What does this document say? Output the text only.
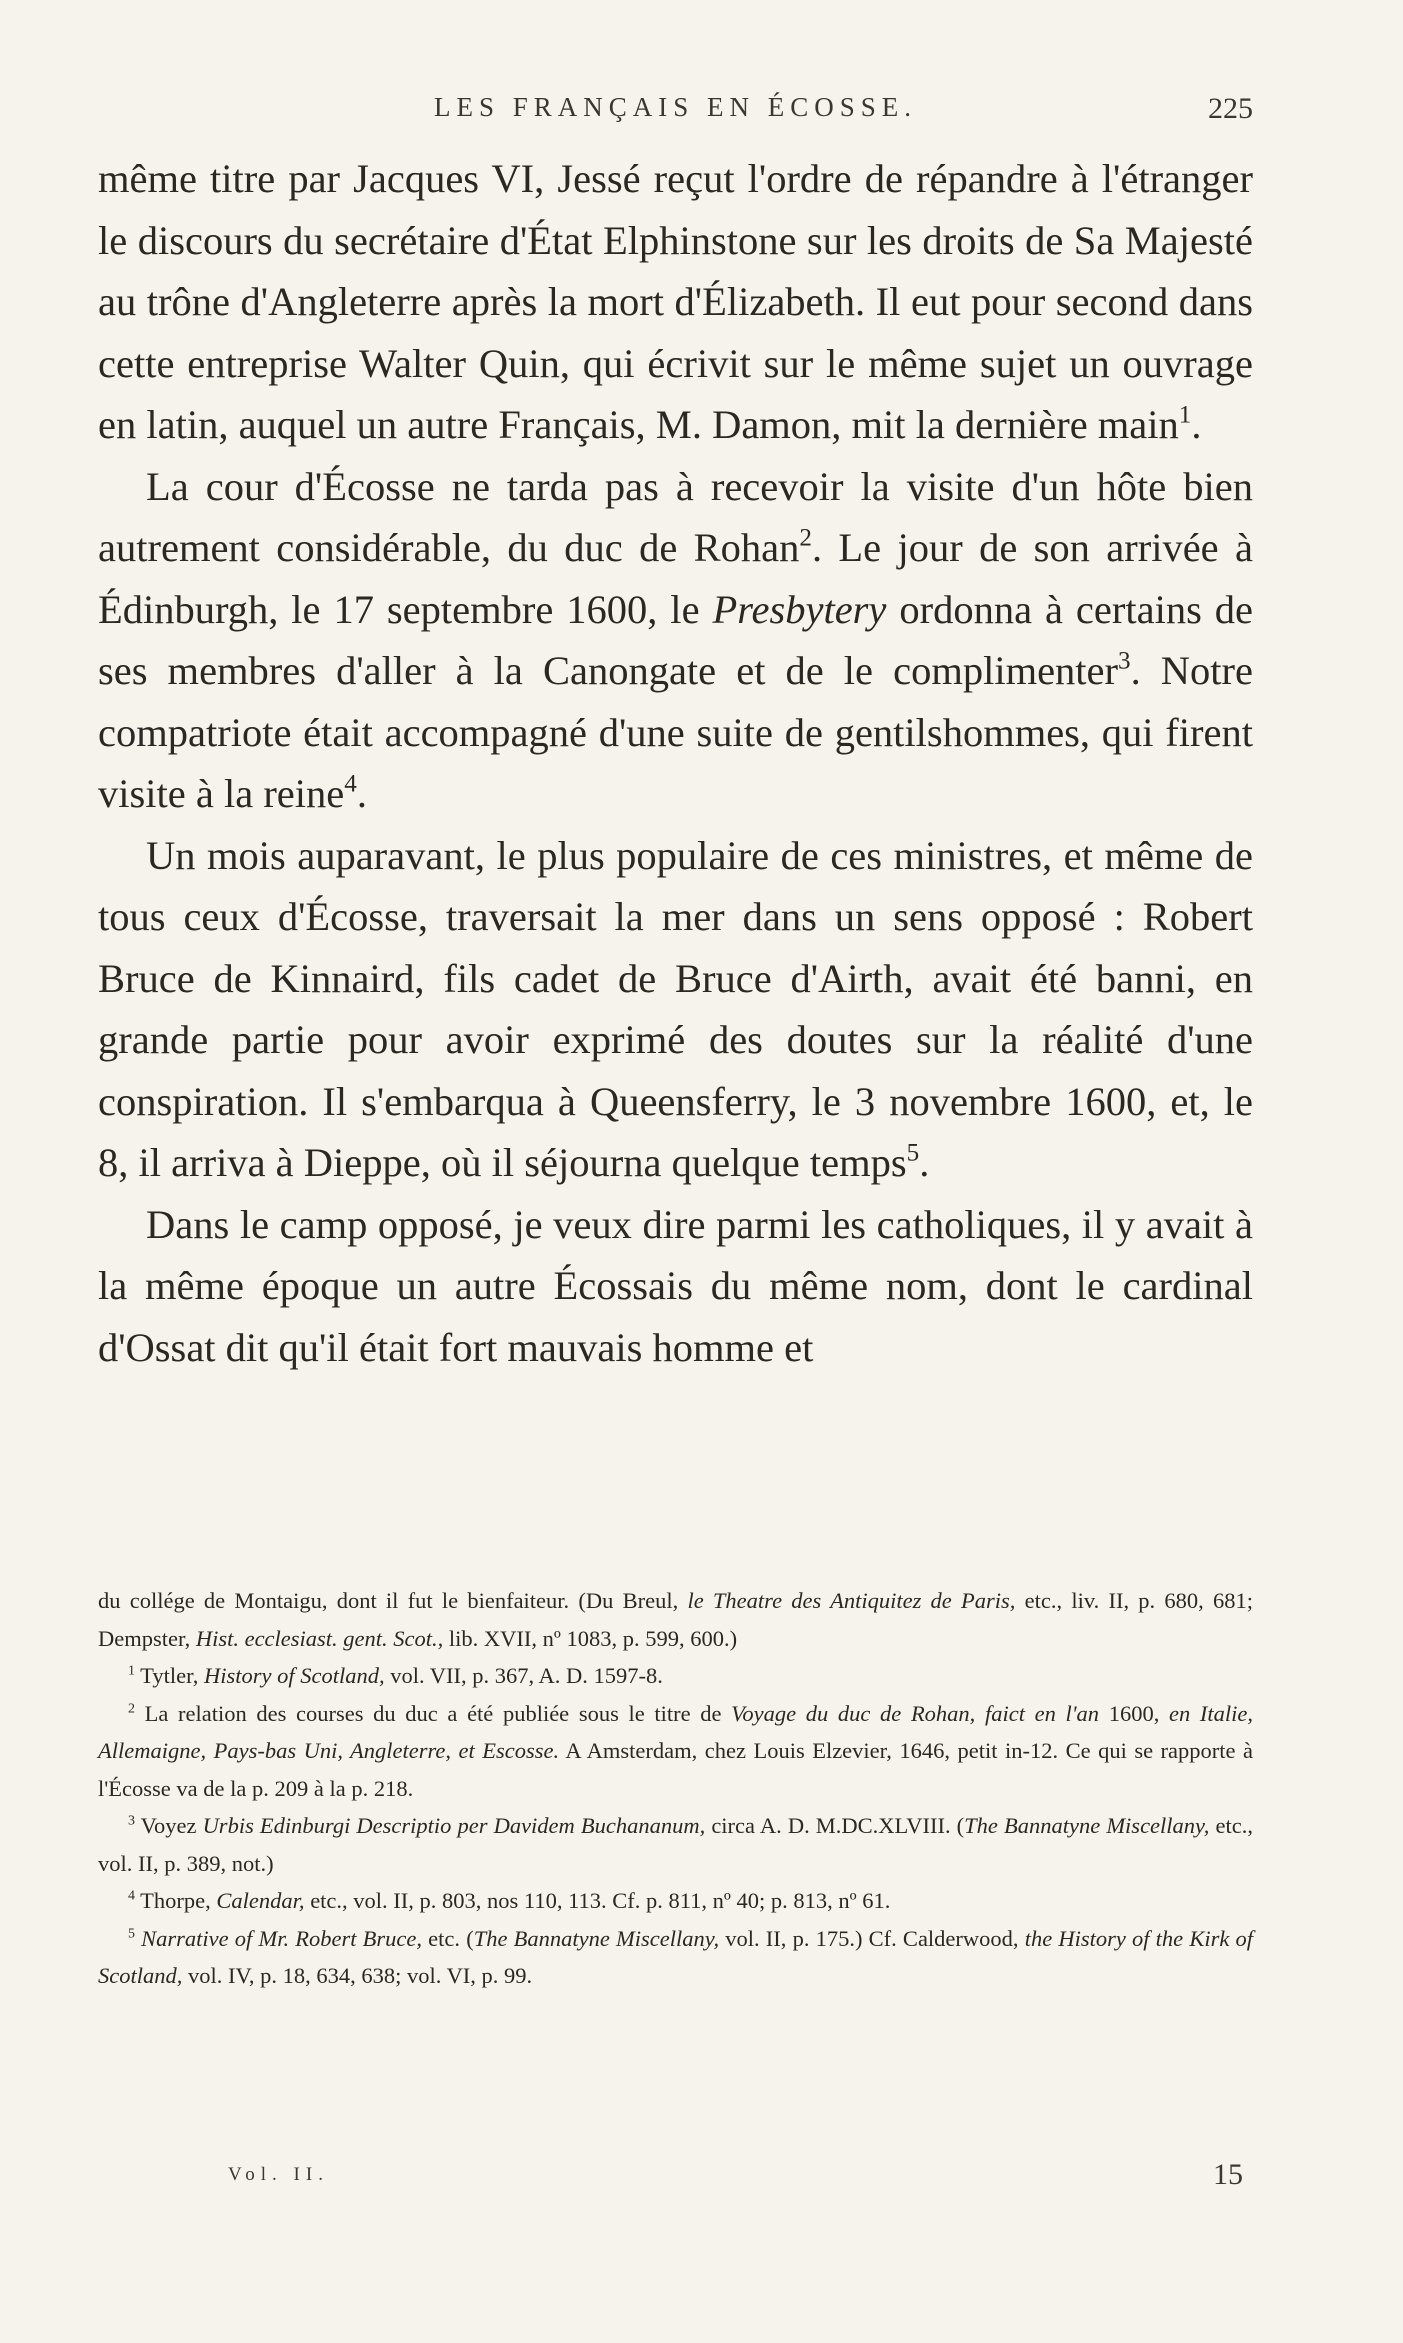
LES FRANÇAIS EN ÉCOSSE.	225

même titre par Jacques VI, Jessé reçut l'ordre de répandre à l'étranger le discours du secrétaire d'État Elphinstone sur les droits de Sa Majesté au trône d'Angleterre après la mort d'Élizabeth. Il eut pour second dans cette entreprise Walter Quin, qui écrivit sur le même sujet un ouvrage en latin, auquel un autre Français, M. Damon, mit la dernière main$^1$.

La cour d'Écosse ne tarda pas à recevoir la visite d'un hôte bien autrement considérable, du duc de Rohan$^2$. Le jour de son arrivée à Édinburgh, le 17 septembre 1600, le Presbytery ordonna à certains de ses membres d'aller à la Canongate et de le complimenter$^3$. Notre compatriote était accompagné d'une suite de gentilshommes, qui firent visite à la reine$^4$.

Un mois auparavant, le plus populaire de ces ministres, et même de tous ceux d'Écosse, traversait la mer dans un sens opposé : Robert Bruce de Kinnaird, fils cadet de Bruce d'Airth, avait été banni, en grande partie pour avoir exprimé des doutes sur la réalité d'une conspiration. Il s'embarqua à Queensferry, le 3 novembre 1600, et, le 8, il arriva à Dieppe, où il séjourna quelque temps$^5$.

Dans le camp opposé, je veux dire parmi les catholiques, il y avait à la même époque un autre Écossais du même nom, dont le cardinal d'Ossat dit qu'il était fort mauvais homme et

du collége de Montaigu, dont il fut le bienfaiteur. (Du Breul, le Theatre des Antiquitez de Paris, etc., liv. II, p. 680, 681; Dempster, Hist. ecclesiast. gent. Scot., lib. XVII, nº 1083, p. 599, 600.)

$^1$ Tytler, History of Scotland, vol. VII, p. 367, A. D. 1597-8.

$^2$ La relation des courses du duc a été publiée sous le titre de Voyage du duc de Rohan, faict en l'an 1600, en Italie, Allemaigne, Pays-bas Uni, Angleterre, et Escosse. A Amsterdam, chez Louis Elzevier, 1646, petit in-12. Ce qui se rapporte à l'Écosse va de la p. 209 à la p. 218.

$^3$ Voyez Urbis Edinburgi Descriptio per Davidem Buchananum, circa A. D. M.DC.XLVIII. (The Bannatyne Miscellany, etc., vol. II, p. 389, not.)

$^4$ Thorpe, Calendar, etc., vol. II, p. 803, nos 110, 113. Cf. p. 811, nº 40; p. 813, nº 61.

$^5$ Narrative of Mr. Robert Bruce, etc. (The Bannatyne Miscellany, vol. II, p. 175.) Cf. Calderwood, the History of the Kirk of Scotland, vol. IV, p. 18, 634, 638; vol. VI, p. 99.

Vol. II.	15
